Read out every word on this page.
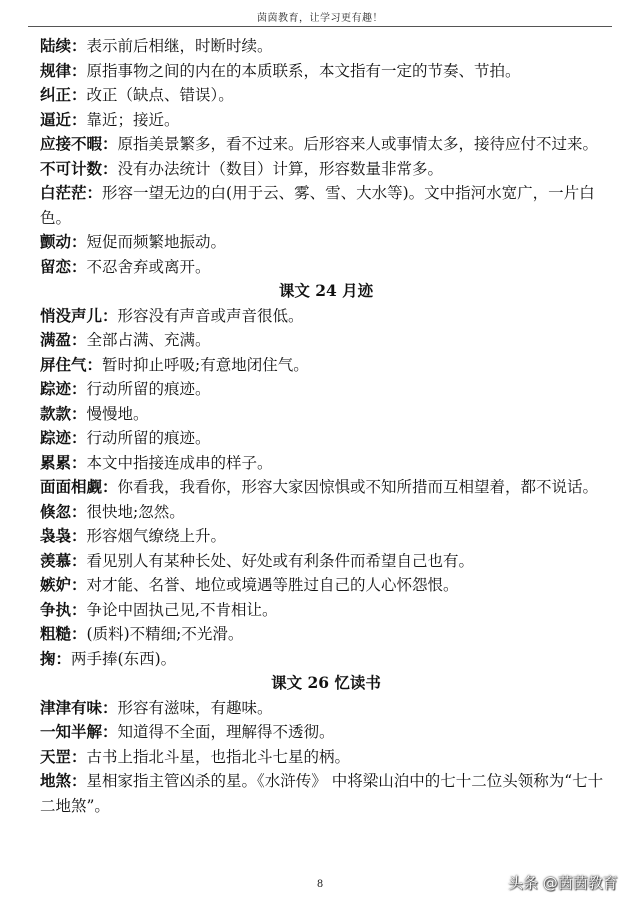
茵茵教育，让学习更有趣！

陆续：表示前后相继，时断时续。

规律：原指事物之间的内在的本质联系，本文指有一定的节奏、节拍。

纠正：改正（缺点、错误）。

逼近：靠近；接近。

应接不暇：原指美景繁多，看不过来。后形容来人或事情太多，接待应付不过来。

不可计数：没有办法统计（数目）计算，形容数量非常多。

白茫茫：形容一望无边的白(用于云、雾、雪、大水等)。文中指河水宽广，一片白色。

颤动：短促而频繁地振动。

留恋：不忍舍弃或离开。

课文 24 月迹

悄没声儿：形容没有声音或声音很低。

满盈：全部占满、充满。

屏住气：暂时抑止呼吸;有意地闭住气。

踪迹：行动所留的痕迹。

款款：慢慢地。

踪迹：行动所留的痕迹。

累累：本文中指接连成串的样子。

面面相觑：你看我，我看你，形容大家因惊惧或不知所措而互相望着，都不说话。

倏忽：很快地;忽然。

袅袅：形容烟气缭绕上升。

羡慕：看见别人有某种长处、好处或有利条件而希望自己也有。

嫉妒：对才能、名誉、地位或境遇等胜过自己的人心怀怨恨。

争执：争论中固执己见,不肯相让。

粗糙：(质料)不精细;不光滑。

掬：两手捧(东西)。

课文 26 忆读书

津津有味：形容有滋味，有趣味。

一知半解：知道得不全面，理解得不透彻。

天罡：古书上指北斗星，也指北斗七星的柄。

地煞：星相家指主管凶杀的星。《水浒传》 中将梁山泊中的七十二位头领称为“七十二地煞”。

8	头条 @茵茵教育
